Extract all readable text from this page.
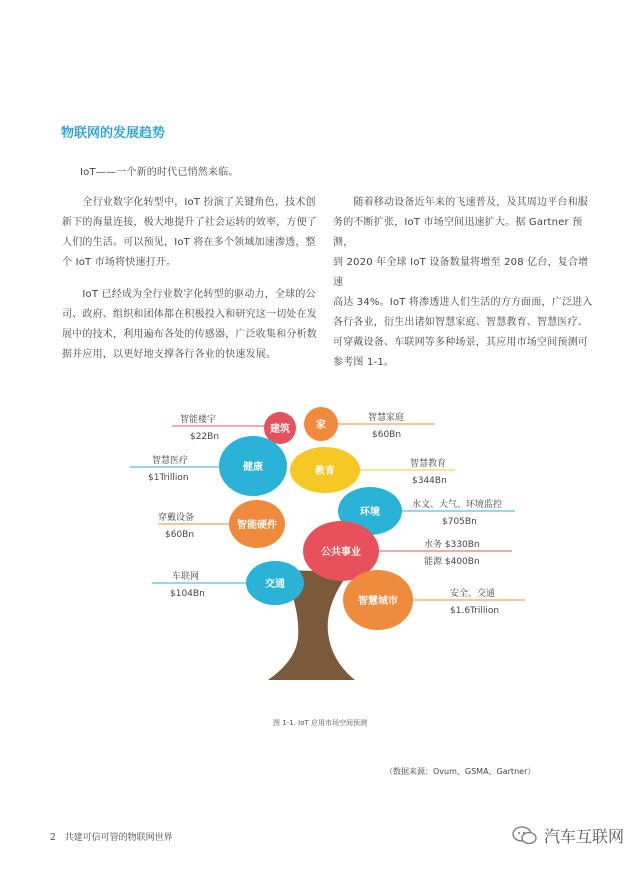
物联网的发展趋势
IoT——一个新的时代已悄然来临。
　　全行业数字化转型中，IoT 扮演了关键角色，技术创
新下的海量连接，极大地提升了社会运转的效率，方便了
人们的生活。可以预见，IoT 将在多个领域加速渗透，整
个 IoT 市场将快速打开。
　　IoT 已经成为全行业数字化转型的驱动力，全球的公
司、政府、组织和团体都在积极投入和研究这一切处在发
展中的技术，利用遍布各处的传感器，广泛收集和分析数
据并应用，以更好地支撑各行各业的快速发展。
　　随着移动设备近年来的飞速普及，及其周边平台和服
务的不断扩张，IoT 市场空间迅速扩大。据 Gartner 预测，
到 2020 年全球 IoT 设备数量将增至 208 亿台，复合增速
高达 34%。IoT 将渗透进人们生活的方方面面，广泛进入
各行各业，衍生出诸如智慧家庭、智慧教育、智慧医疗、
可穿戴设备、车联网等多种场景，其应用市场空间预测可
参考图 1-1。
建筑	家
健康	教育
智能硬件
环境
公共事业
交通
智慧城市
智能楼宇
$22Bn
智慧家庭
$60Bn
智慧医疗
$1Trillion
智慧教育
$344Bn
水文、大气、环境监控
$705Bn
穿戴设备
$60Bn
水务 $330Bn
能源 $400Bn
车联网
$104Bn	安全、交通
$1.6Trillion
图 1-1. IoT 应用市场空间预测
（数据来源：Ovum、GSMA、Gartner）
2 共建可信可管的物联网世界	汽车互联网
